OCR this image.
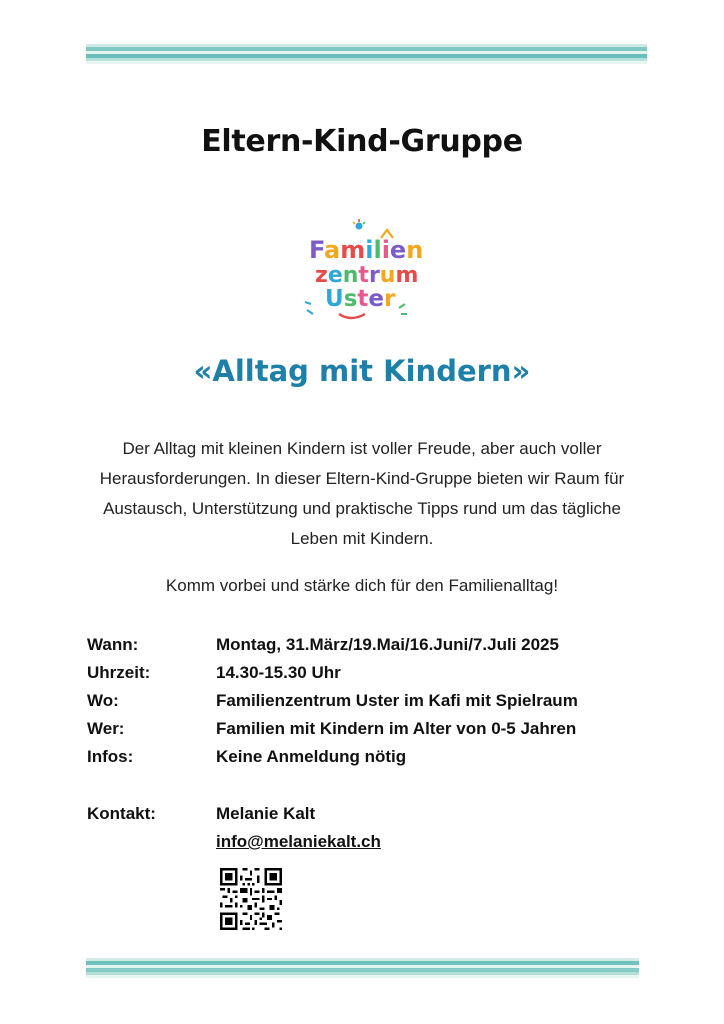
Eltern-Kind-Gruppe
Familien
zentrum
Uster
«Alltag mit Kindern»
Der Alltag mit kleinen Kindern ist voller Freude, aber auch voller Herausforderungen. In dieser Eltern-Kind-Gruppe bieten wir Raum für Austausch, Unterstützung und praktische Tipps rund um das tägliche Leben mit Kindern.
Komm vorbei und stärke dich für den Familienalltag!
Wann:	Montag, 31.März/19.Mai/16.Juni/7.Juli 2025
Uhrzeit:	14.30-15.30 Uhr
Wo:	Familienzentrum Uster im Kafi mit Spielraum
Wer:	Familien mit Kindern im Alter von 0-5 Jahren
Infos:	Keine Anmeldung nötig
Kontakt:	Melanie Kalt
info@melaniekalt.ch
